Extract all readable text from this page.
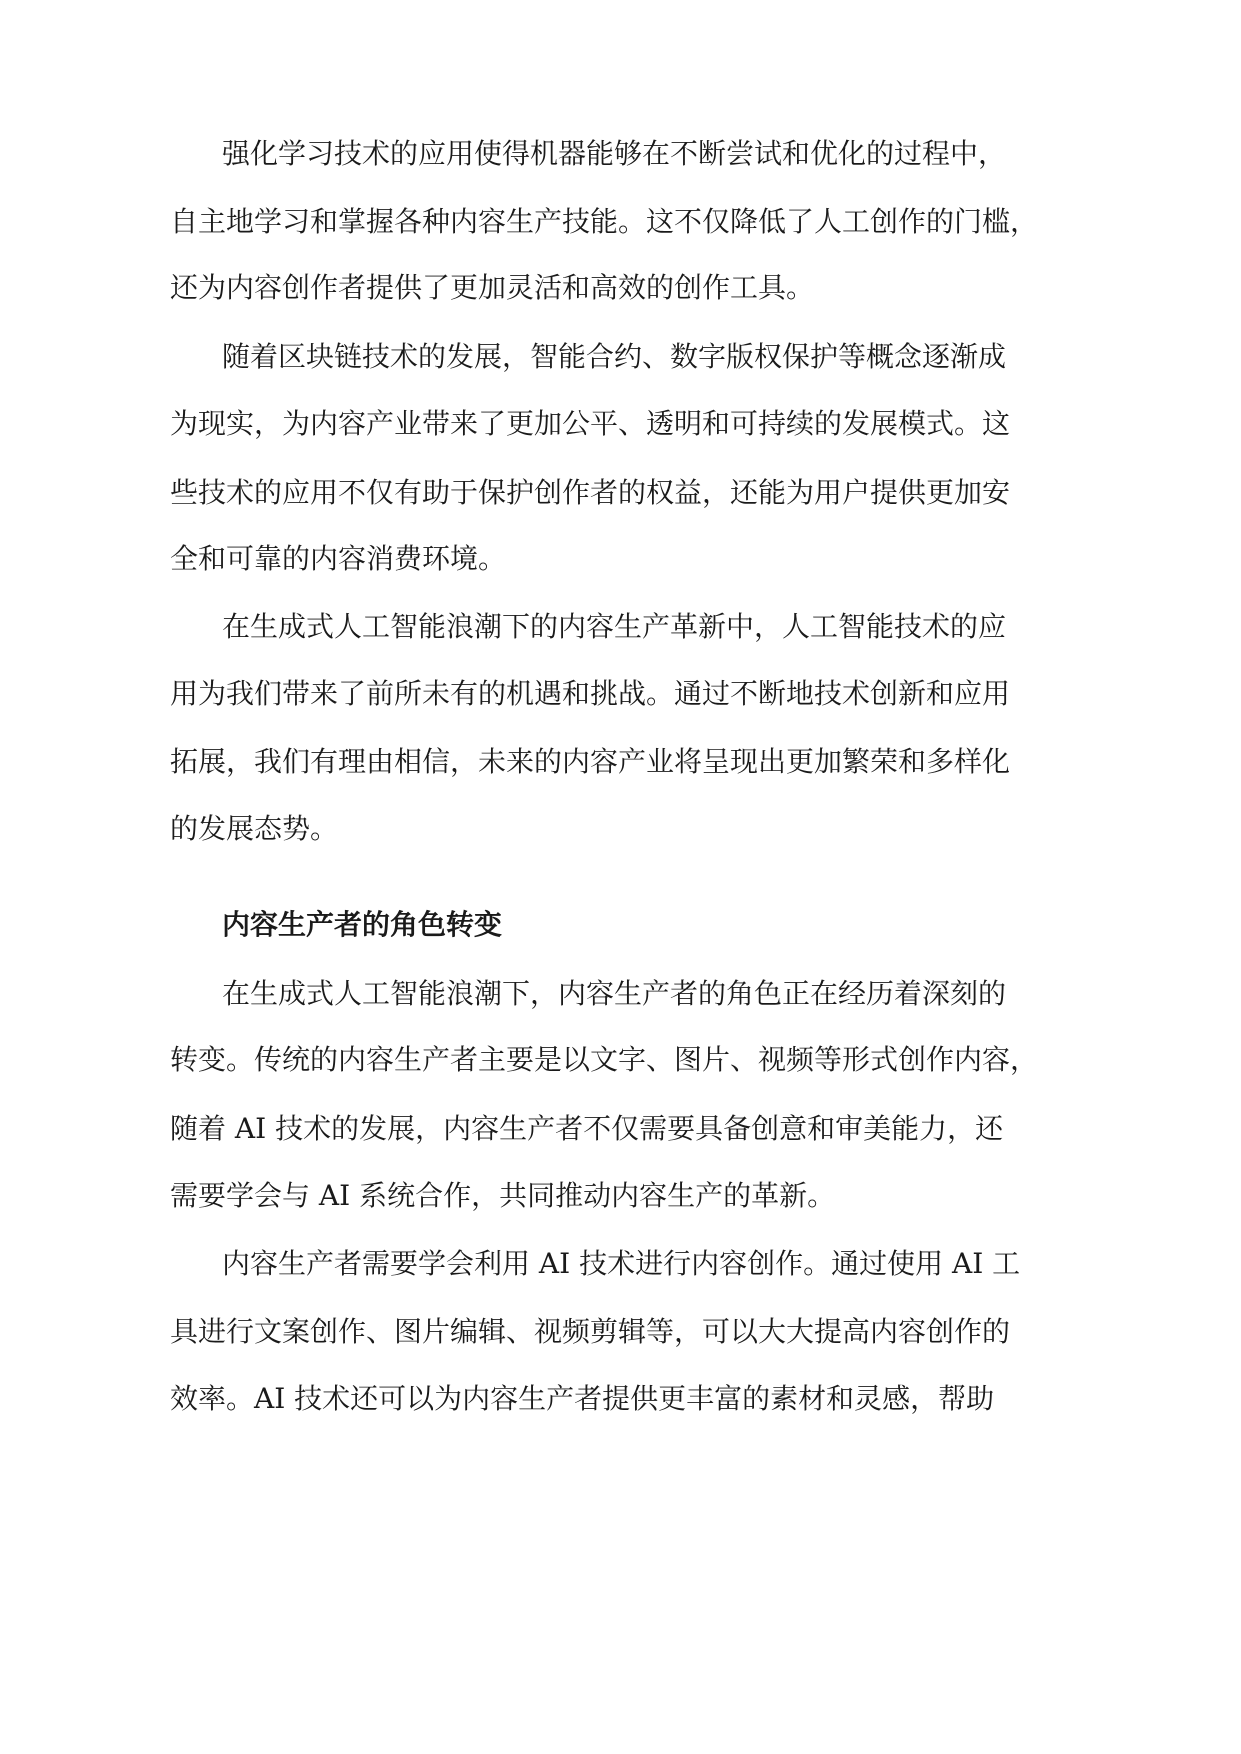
强化学习技术的应用使得机器能够在不断尝试和优化的过程中，
自主地学习和掌握各种内容生产技能。这不仅降低了人工创作的门槛，
还为内容创作者提供了更加灵活和高效的创作工具。
随着区块链技术的发展，智能合约、数字版权保护等概念逐渐成
为现实，为内容产业带来了更加公平、透明和可持续的发展模式。这
些技术的应用不仅有助于保护创作者的权益，还能为用户提供更加安
全和可靠的内容消费环境。
在生成式人工智能浪潮下的内容生产革新中，人工智能技术的应
用为我们带来了前所未有的机遇和挑战。通过不断地技术创新和应用
拓展，我们有理由相信，未来的内容产业将呈现出更加繁荣和多样化
的发展态势。
内容生产者的角色转变
在生成式人工智能浪潮下，内容生产者的角色正在经历着深刻的
转变。传统的内容生产者主要是以文字、图片、视频等形式创作内容，
随着 AI 技术的发展，内容生产者不仅需要具备创意和审美能力，还
需要学会与 AI 系统合作，共同推动内容生产的革新。
内容生产者需要学会利用 AI 技术进行内容创作。通过使用 AI 工
具进行文案创作、图片编辑、视频剪辑等，可以大大提高内容创作的
效率。AI 技术还可以为内容生产者提供更丰富的素材和灵感，帮助
